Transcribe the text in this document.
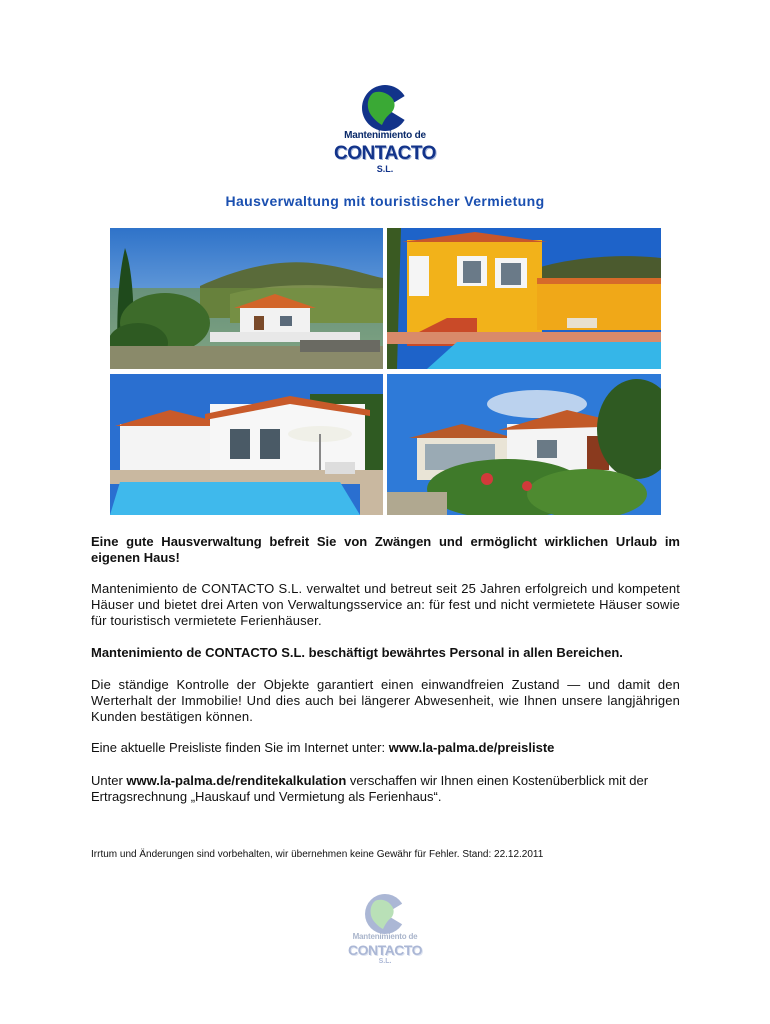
Mantenimiento de
CONTACTO
S.L.
Hausverwaltung mit touristischer Vermietung
Eine gute Hausverwaltung befreit Sie von Zwängen und ermöglicht wirklichen Urlaub im eigenen Haus!
Mantenimiento de CONTACTO S.L. verwaltet und betreut seit 25 Jahren erfolgreich und kompetent Häuser und bietet drei Arten von Verwaltungsservice an: für fest und nicht vermietete Häuser sowie für touristisch vermietete Ferienhäuser.
Mantenimiento de CONTACTO S.L. beschäftigt bewährtes Personal in allen Bereichen.
Die ständige Kontrolle der Objekte garantiert einen einwandfreien Zustand — und damit den Werterhalt der Immobilie! Und dies auch bei längerer Abwesenheit, wie Ihnen unsere langjährigen Kunden bestätigen können.
Eine aktuelle Preisliste finden Sie im Internet unter: www.la-palma.de/preisliste
Unter www.la-palma.de/renditekalkulation verschaffen wir Ihnen einen Kostenüberblick mit der Ertragsrechnung „Hauskauf und Vermietung als Ferienhaus“.
Irrtum und Änderungen sind vorbehalten, wir übernehmen keine Gewähr für Fehler. Stand: 22.12.2011
Mantenimiento de
CONTACTO
S.L.
